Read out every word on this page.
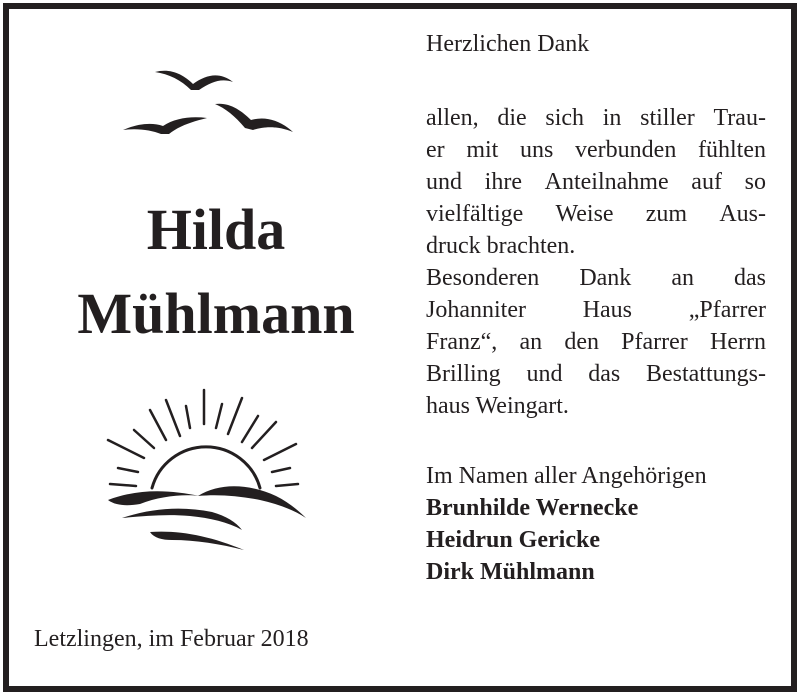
Hilda
Mühlmann
Letzlingen, im Februar 2018
Herzlichen Dank
allen, die sich in stiller Trau-
er mit uns verbunden fühlten
und ihre Anteilnahme auf so
vielfältige Weise zum Aus-
druck brachten.
Besonderen Dank an das
Johanniter Haus „Pfarrer
Franz“, an den Pfarrer Herrn
Brilling und das Bestattungs-
haus Weingart.
Im Namen aller Angehörigen
Brunhilde Wernecke
Heidrun Gericke
Dirk Mühlmann
